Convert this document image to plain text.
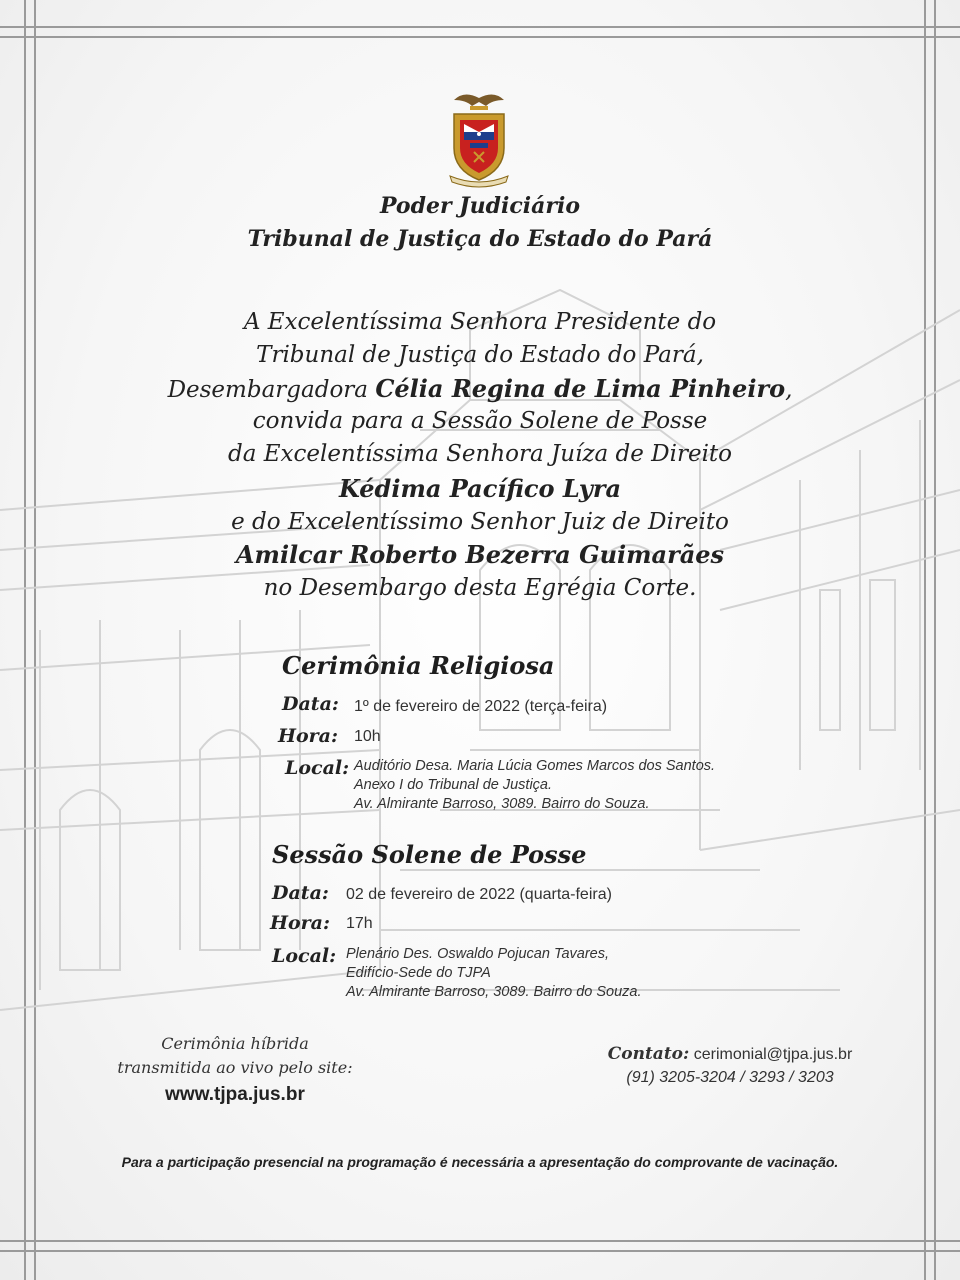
Poder Judiciário
Tribunal de Justiça do Estado do Pará
A Excelentíssima Senhora Presidente do
Tribunal de Justiça do Estado do Pará,
Desembargadora Célia Regina de Lima Pinheiro,
convida para a Sessão Solene de Posse
da Excelentíssima Senhora Juíza de Direito
Kédima Pacífico Lyra
e do Excelentíssimo Senhor Juiz de Direito
Amilcar Roberto Bezerra Guimarães
no Desembargo desta Egrégia Corte.
Cerimônia Religiosa
Data: 1º de fevereiro de 2022 (terça-feira)
Hora: 10h
Local: Auditório Desa. Maria Lúcia Gomes Marcos dos Santos.
Anexo I do Tribunal de Justiça.
Av. Almirante Barroso, 3089. Bairro do Souza.
Sessão Solene de Posse
Data: 02 de fevereiro de 2022 (quarta-feira)
Hora: 17h
Local: Plenário Des. Oswaldo Pojucan Tavares,
Edifício-Sede do TJPA
Av. Almirante Barroso, 3089. Bairro do Souza.
Cerimônia híbrida
transmitida ao vivo pelo site:
www.tjpa.jus.br
Contato: cerimonial@tjpa.jus.br
(91) 3205-3204 / 3293 / 3203
Para a participação presencial na programação é necessária a apresentação do comprovante de vacinação.
